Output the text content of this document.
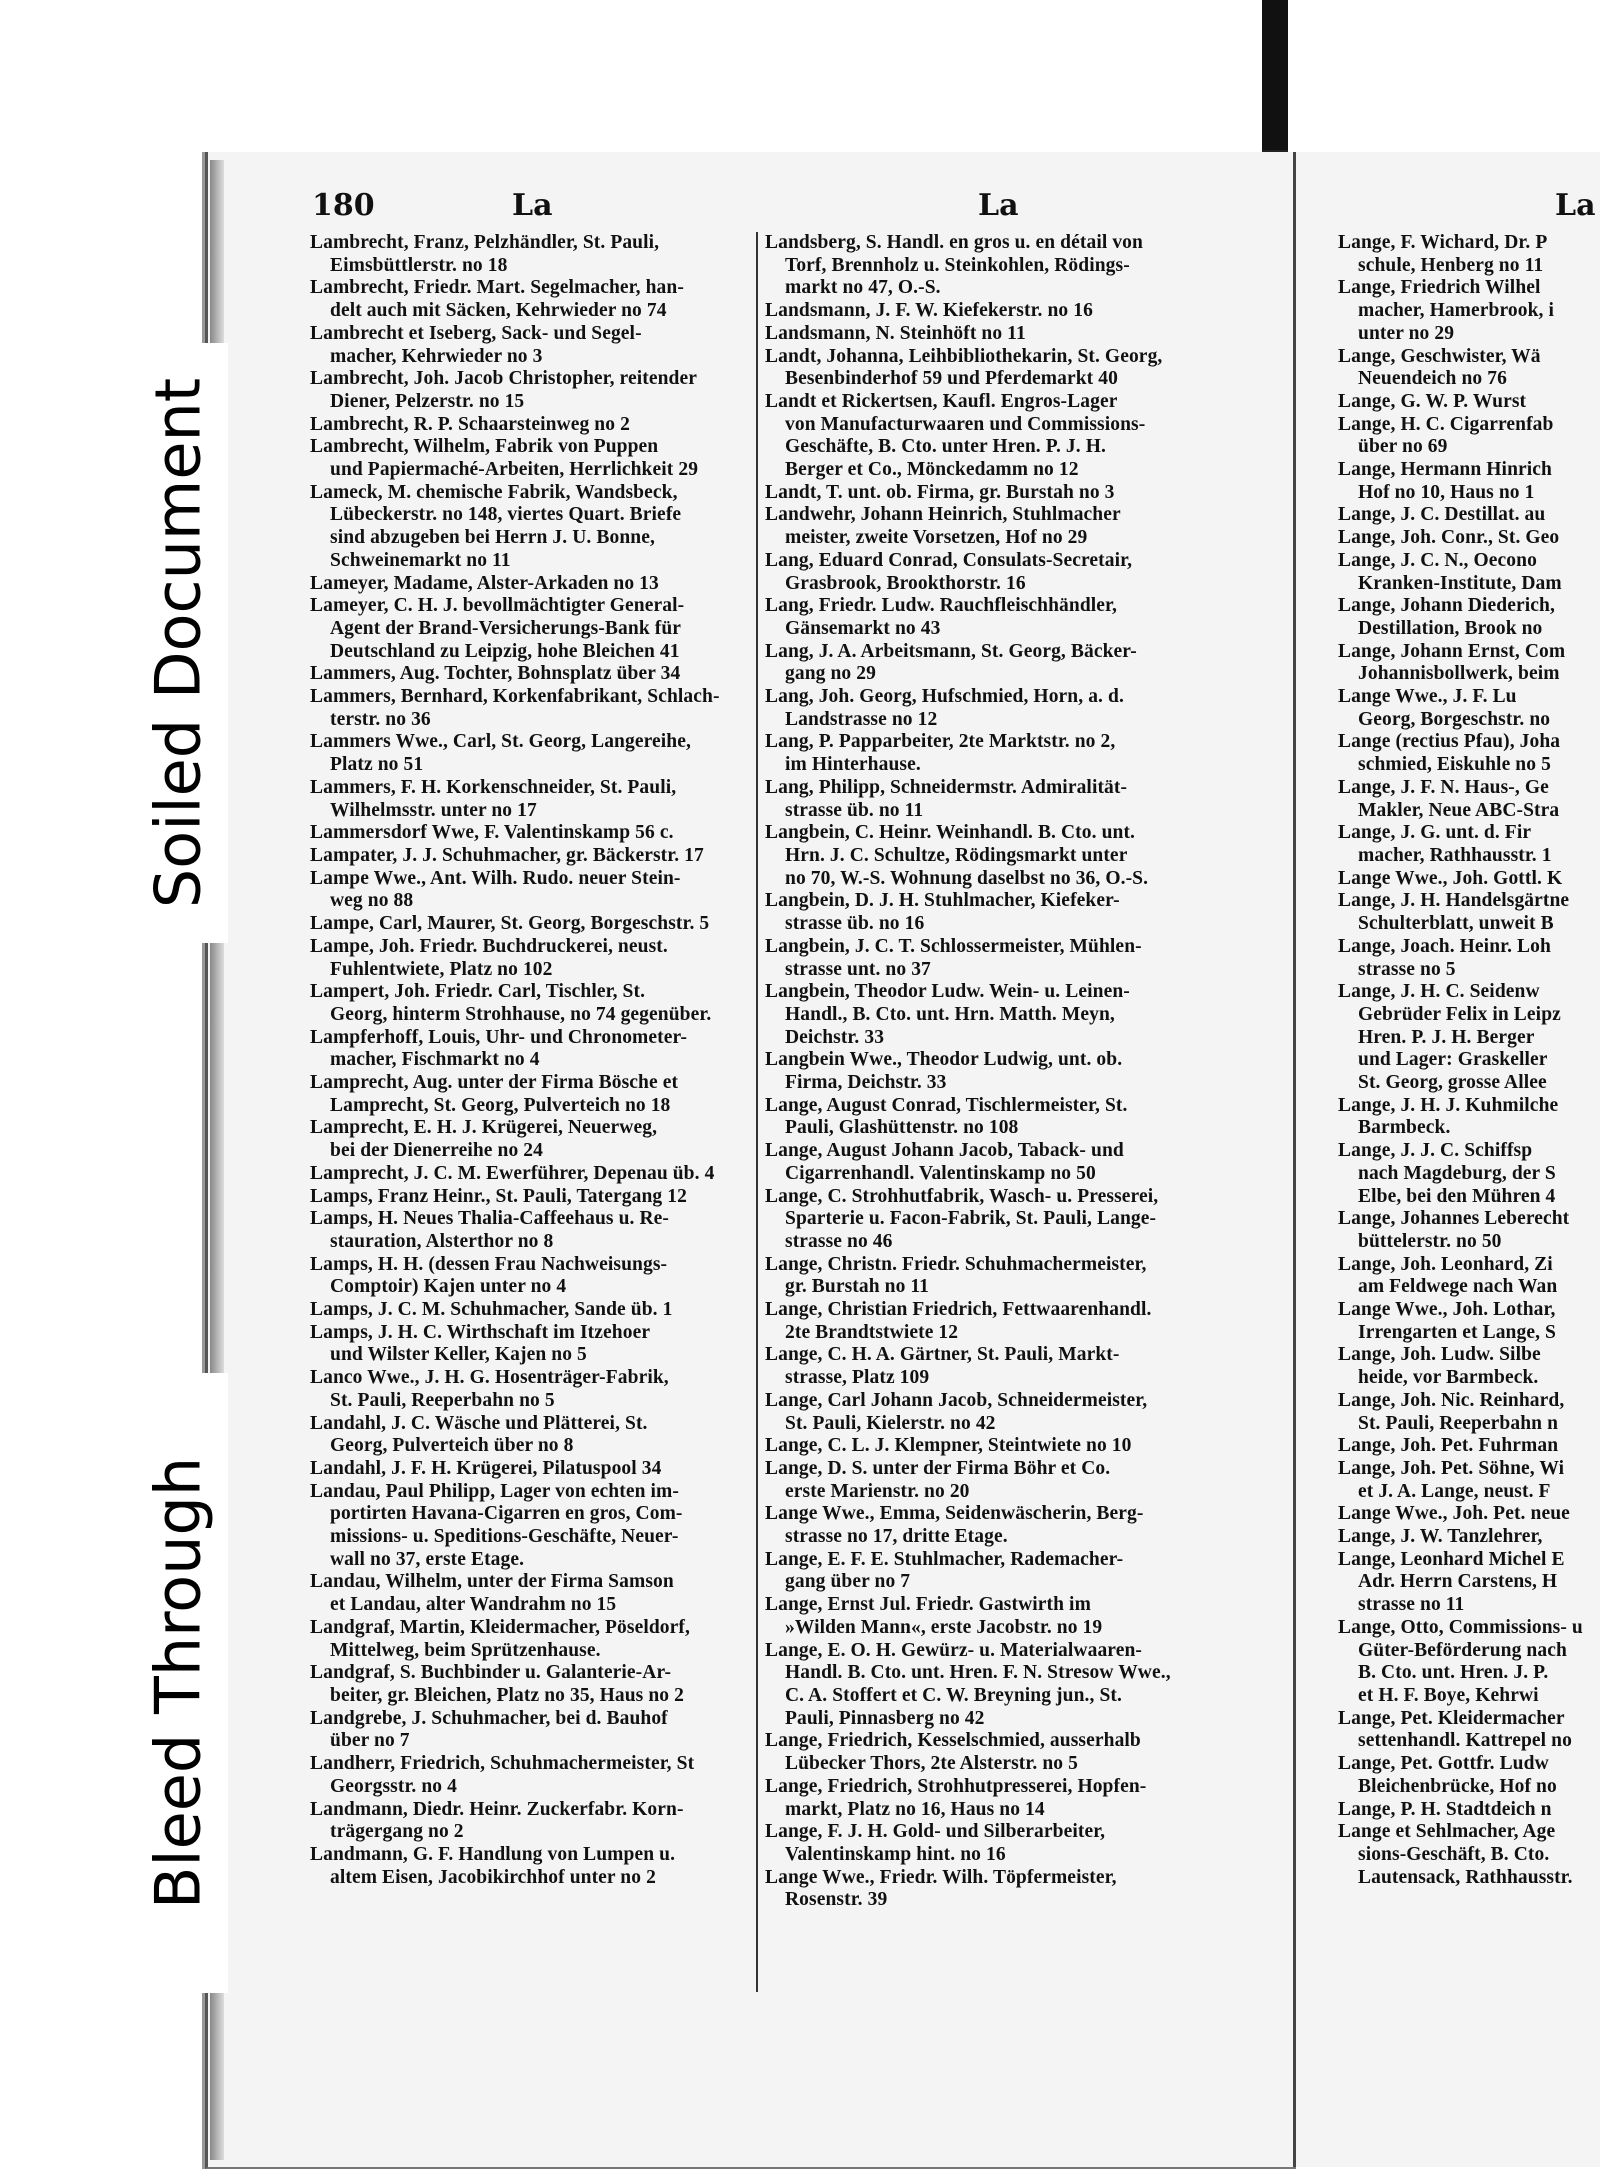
180	La	La	La
Lambrecht, Franz, Pelzhändler, St. Pauli,

Eimsbüttlerstr. no 18
Lambrecht, Friedr. Mart. Segelmacher, han-

delt auch mit Säcken, Kehrwieder no 74
Lambrecht et Iseberg, Sack- und Segel-

macher, Kehrwieder no 3
Lambrecht, Joh. Jacob Christopher, reitender

Diener, Pelzerstr. no 15
Lambrecht, R. P. Schaarsteinweg no 2
Lambrecht, Wilhelm, Fabrik von Puppen

und Papiermaché-Arbeiten, Herrlichkeit 29
Lameck, M. chemische Fabrik, Wandsbeck,

Lübeckerstr. no 148, viertes Quart. Briefe
sind abzugeben bei Herrn J. U. Bonne,
Schweinemarkt no 11
Lameyer, Madame, Alster-Arkaden no 13
Lameyer, C. H. J. bevollmächtigter General-

Agent der Brand-Versicherungs-Bank für
Deutschland zu Leipzig, hohe Bleichen 41
Lammers, Aug. Tochter, Bohnsplatz über 34
Lammers, Bernhard, Korkenfabrikant, Schlach-

terstr. no 36
Lammers Wwe., Carl, St. Georg, Langereihe,

Platz no 51
Lammers, F. H. Korkenschneider, St. Pauli,

Wilhelmsstr. unter no 17
Lammersdorf Wwe, F. Valentinskamp 56 c.
Lampater, J. J. Schuhmacher, gr. Bäckerstr. 17
Lampe Wwe., Ant. Wilh. Rudo. neuer Stein-

weg no 88
Lampe, Carl, Maurer, St. Georg, Borgeschstr. 5
Lampe, Joh. Friedr. Buchdruckerei, neust.

Fuhlentwiete, Platz no 102
Lampert, Joh. Friedr. Carl, Tischler, St.

Georg, hinterm Strohhause, no 74 gegenüber.
Lampferhoff, Louis, Uhr- und Chronometer-

macher, Fischmarkt no 4
Lamprecht, Aug. unter der Firma Bösche et

Lamprecht, St. Georg, Pulverteich no 18
Lamprecht, E. H. J. Krügerei, Neuerweg,

bei der Dienerreihe no 24
Lamprecht, J. C. M. Ewerführer, Depenau üb. 4
Lamps, Franz Heinr., St. Pauli, Tatergang 12
Lamps, H. Neues Thalia-Caffeehaus u. Re-

stauration, Alsterthor no 8
Lamps, H. H. (dessen Frau Nachweisungs-

Comptoir) Kajen unter no 4
Lamps, J. C. M. Schuhmacher, Sande üb. 1
Lamps, J. H. C. Wirthschaft im Itzehoer

und Wilster Keller, Kajen no 5
Lanco Wwe., J. H. G. Hosenträger-Fabrik,

St. Pauli, Reeperbahn no 5
Landahl, J. C. Wäsche und Plätterei, St.

Georg, Pulverteich über no 8
Landahl, J. F. H. Krügerei, Pilatuspool 34
Landau, Paul Philipp, Lager von echten im-

portirten Havana-Cigarren en gros, Com-
missions- u. Speditions-Geschäfte, Neuer-
wall no 37, erste Etage.
Landau, Wilhelm, unter der Firma Samson

et Landau, alter Wandrahm no 15
Landgraf, Martin, Kleidermacher, Pöseldorf,

Mittelweg, beim Sprützenhause.
Landgraf, S. Buchbinder u. Galanterie-Ar-

beiter, gr. Bleichen, Platz no 35, Haus no 2
Landgrebe, J. Schuhmacher, bei d. Bauhof

über no 7
Landherr, Friedrich, Schuhmachermeister, St

Georgsstr. no 4
Landmann, Diedr. Heinr. Zuckerfabr. Korn-

trägergang no 2
Landmann, G. F. Handlung von Lumpen u.

altem Eisen, Jacobikirchhof unter no 2
Landsberg, S. Handl. en gros u. en détail von

Torf, Brennholz u. Steinkohlen, Rödings-
markt no 47, O.-S.
Landsmann, J. F. W. Kiefekerstr. no 16
Landsmann, N. Steinhöft no 11
Landt, Johanna, Leihbibliothekarin, St. Georg,

Besenbinderhof 59 und Pferdemarkt 40
Landt et Rickertsen, Kaufl. Engros-Lager

von Manufacturwaaren und Commissions-
Geschäfte, B. Cto. unter Hren. P. J. H.
Berger et Co., Mönckedamm no 12
Landt, T. unt. ob. Firma, gr. Burstah no 3
Landwehr, Johann Heinrich, Stuhlmacher

meister, zweite Vorsetzen, Hof no 29
Lang, Eduard Conrad, Consulats-Secretair,

Grasbrook, Brookthorstr. 16
Lang, Friedr. Ludw. Rauchfleischhändler,

Gänsemarkt no 43
Lang, J. A. Arbeitsmann, St. Georg, Bäcker-

gang no 29
Lang, Joh. Georg, Hufschmied, Horn, a. d.

Landstrasse no 12
Lang, P. Papparbeiter, 2te Marktstr. no 2,

im Hinterhause.
Lang, Philipp, Schneidermstr. Admiralität-

strasse üb. no 11
Langbein, C. Heinr. Weinhandl. B. Cto. unt.

Hrn. J. C. Schultze, Rödingsmarkt unter
no 70, W.-S. Wohnung daselbst no 36, O.-S.
Langbein, D. J. H. Stuhlmacher, Kiefeker-

strasse üb. no 16
Langbein, J. C. T. Schlossermeister, Mühlen-

strasse unt. no 37
Langbein, Theodor Ludw. Wein- u. Leinen-

Handl., B. Cto. unt. Hrn. Matth. Meyn,
Deichstr. 33
Langbein Wwe., Theodor Ludwig, unt. ob.

Firma, Deichstr. 33
Lange, August Conrad, Tischlermeister, St.

Pauli, Glashüttenstr. no 108
Lange, August Johann Jacob, Taback- und

Cigarrenhandl. Valentinskamp no 50
Lange, C. Strohhutfabrik, Wasch- u. Presserei,

Sparterie u. Facon-Fabrik, St. Pauli, Lange-
strasse no 46
Lange, Christn. Friedr. Schuhmachermeister,

gr. Burstah no 11
Lange, Christian Friedrich, Fettwaarenhandl.

2te Brandtstwiete 12
Lange, C. H. A. Gärtner, St. Pauli, Markt-

strasse, Platz 109
Lange, Carl Johann Jacob, Schneidermeister,

St. Pauli, Kielerstr. no 42
Lange, C. L. J. Klempner, Steintwiete no 10
Lange, D. S. unter der Firma Böhr et Co.

erste Marienstr. no 20
Lange Wwe., Emma, Seidenwäscherin, Berg-

strasse no 17, dritte Etage.
Lange, E. F. E. Stuhlmacher, Rademacher-

gang über no 7
Lange, Ernst Jul. Friedr. Gastwirth im

»Wilden Mann«, erste Jacobstr. no 19
Lange, E. O. H. Gewürz- u. Materialwaaren-

Handl. B. Cto. unt. Hren. F. N. Stresow Wwe.,
C. A. Stoffert et C. W. Breyning jun., St.
Pauli, Pinnasberg no 42
Lange, Friedrich, Kesselschmied, ausserhalb

Lübecker Thors, 2te Alsterstr. no 5
Lange, Friedrich, Strohhutpresserei, Hopfen-

markt, Platz no 16, Haus no 14
Lange, F. J. H. Gold- und Silberarbeiter,

Valentinskamp hint. no 16
Lange Wwe., Friedr. Wilh. Töpfermeister,

Rosenstr. 39
Lange, F. Wichard, Dr. P

schule, Henberg no 11
Lange, Friedrich Wilhel

macher, Hamerbrook, i
unter no 29
Lange, Geschwister, Wä

Neuendeich no 76
Lange, G. W. P. Wurst
Lange, H. C. Cigarrenfab

über no 69
Lange, Hermann Hinrich

Hof no 10, Haus no 1
Lange, J. C. Destillat. au
Lange, Joh. Conr., St. Geo
Lange, J. C. N., Oecono

Kranken-Institute, Dam
Lange, Johann Diederich,

Destillation, Brook no
Lange, Johann Ernst, Com

Johannisbollwerk, beim
Lange Wwe., J. F. Lu

Georg, Borgeschstr. no
Lange (rectius Pfau), Joha

schmied, Eiskuhle no 5
Lange, J. F. N. Haus-, Ge

Makler, Neue ABC-Stra
Lange, J. G. unt. d. Fir

macher, Rathhausstr. 1
Lange Wwe., Joh. Gottl. K
Lange, J. H. Handelsgärtne

Schulterblatt, unweit B
Lange, Joach. Heinr. Loh

strasse no 5
Lange, J. H. C. Seidenw

Gebrüder Felix in Leipz
Hren. P. J. H. Berger
und Lager: Graskeller
St. Georg, grosse Allee
Lange, J. H. J. Kuhmilche

Barmbeck.
Lange, J. J. C. Schiffsp

nach Magdeburg, der S
Elbe, bei den Mühren 4
Lange, Johannes Leberecht

büttelerstr. no 50
Lange, Joh. Leonhard, Zi

am Feldwege nach Wan
Lange Wwe., Joh. Lothar,

Irrengarten et Lange, S
Lange, Joh. Ludw. Silbe

heide, vor Barmbeck.
Lange, Joh. Nic. Reinhard,

St. Pauli, Reeperbahn n
Lange, Joh. Pet. Fuhrman
Lange, Joh. Pet. Söhne, Wi

et J. A. Lange, neust. F
Lange Wwe., Joh. Pet. neue
Lange, J. W. Tanzlehrer,
Lange, Leonhard Michel E

Adr. Herrn Carstens, H
strasse no 11
Lange, Otto, Commissions- u

Güter-Beförderung nach
B. Cto. unt. Hren. J. P.
et H. F. Boye, Kehrwi
Lange, Pet. Kleidermacher

settenhandl. Kattrepel no
Lange, Pet. Gottfr. Ludw

Bleichenbrücke, Hof no
Lange, P. H. Stadtdeich n
Lange et Sehlmacher, Age

sions-Geschäft, B. Cto.
Lautensack, Rathhausstr.
Soiled Document
Bleed Through
